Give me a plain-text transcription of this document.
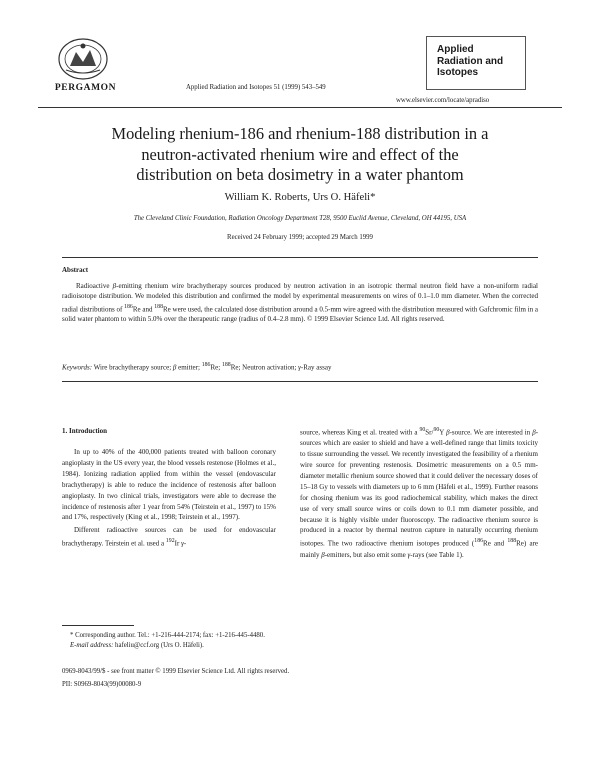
PERGAMON	Applied Radiation and Isotopes 51 (1999) 543–549
Applied
Radiation and
Isotopes
www.elsevier.com/locate/apradiso
Modeling rhenium-186 and rhenium-188 distribution in a
neutron-activated rhenium wire and effect of the
distribution on beta dosimetry in a water phantom
William K. Roberts, Urs O. Häfeli*
The Cleveland Clinic Foundation, Radiation Oncology Department T28, 9500 Euclid Avenue, Cleveland, OH 44195, USA
Received 24 February 1999; accepted 29 March 1999
Abstract
Radioactive β-emitting rhenium wire brachytherapy sources produced by neutron activation in an isotropic thermal neutron field have a non-uniform radial radioisotope distribution. We modeled this distribution and confirmed the model by experimental measurements on wires of 0.1–1.0 mm diameter. When the corrected radial distributions of $^{186}$Re and $^{188}$Re were used, the calculated dose distribution around a 0.5-mm wire agreed with the distribution measured with Gafchromic film in a solid water phantom to within 5.0% over the therapeutic range (radius of 0.4–2.8 mm). © 1999 Elsevier Science Ltd. All rights reserved.
Keywords: Wire brachytherapy source; β emitter; $^{186}$Re; $^{188}$Re; Neutron activation; γ-Ray assay
1. Introduction

In up to 40% of the 400,000 patients treated with balloon coronary angioplasty in the US every year, the blood vessels restenose (Holmes et al., 1984). Ionizing radiation applied from within the vessel (endovascular brachytherapy) is able to reduce the incidence of restenosis after balloon angioplasty. In two clinical trials, investigators were able to decrease the incidence of restenosis after 1 year from 54% (Teirstein et al., 1997) to 15% and 17%, respectively (King et al., 1998; Teirstein et al., 1997).

Different radioactive sources can be used for endovascular brachytherapy. Teirstein et al. used a $^{192}$Ir γ-

source, whereas King et al. treated with a $^{90}$Sr/$^{90}$Y β-source. We are interested in β-sources which are easier to shield and have a well-defined range that limits toxicity to tissue surrounding the vessel. We recently investigated the feasibility of a rhenium wire source for preventing restenosis. Dosimetric measurements on a 0.5 mm-diameter metallic rhenium source showed that it could deliver the necessary doses of 15–18 Gy to vessels with diameters up to 6 mm (Häfeli et al., 1999). Further reasons for chosing rhenium was its good radiochemical stability, which makes the direct use of very small source wires or coils down to 0.1 mm diameter possible, and because it is highly visible under fluoroscopy. The radioactive rhenium source is produced in a reactor by thermal neutron capture in naturally occurring rhenium isotopes. The two radioactive rhenium isotopes produced ($^{186}$Re and $^{188}$Re) are mainly β-emitters, but also emit some γ-rays (see Table 1).

* Corresponding author. Tel.: +1-216-444-2174; fax: +1-216-445-4480.
E-mail address: hafeliu@ccf.org (Urs O. Häfeli).
0969-8043/99/$ - see front matter © 1999 Elsevier Science Ltd. All rights reserved.
PII: S0969-8043(99)00080-9
